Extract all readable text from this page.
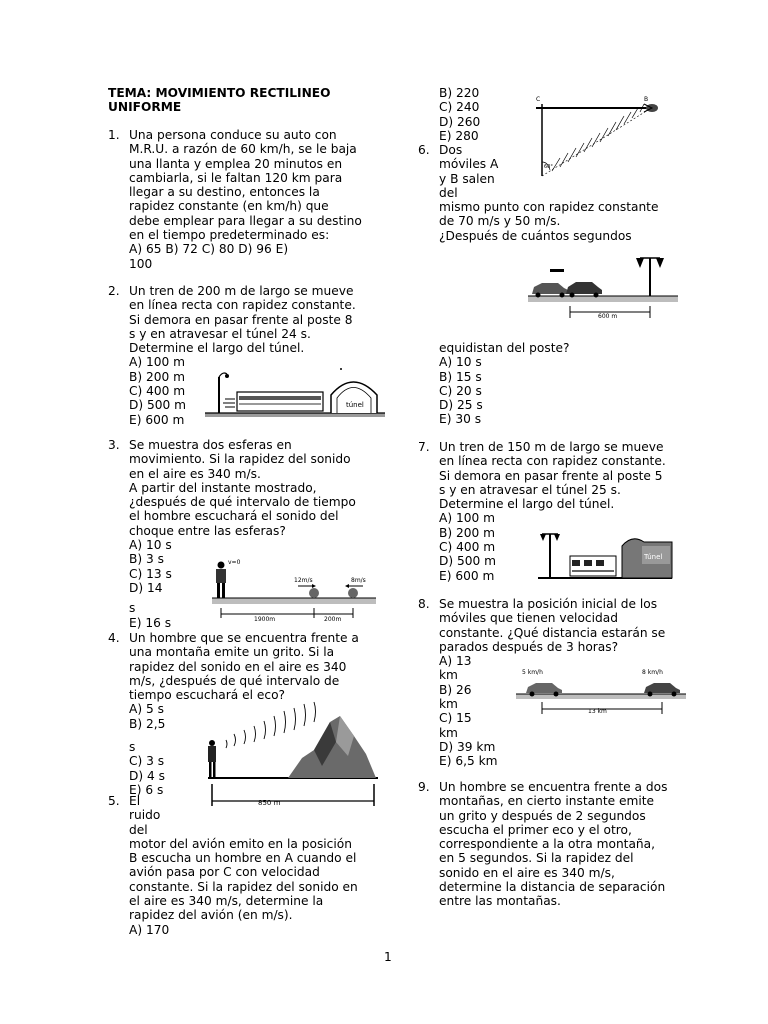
TEMA: MOVIMIENTO RECTILINEO
UNIFORME
1. Una persona conduce su auto con
M.R.U. a razón de 60 km/h, se le baja
una llanta y emplea 20 minutos en
cambiarla, si le faltan 120 km para
llegar a su destino, entonces la
rapidez constante (en km/h) que
debe emplear para llegar a su destino
en el tiempo predeterminado es:
A) 65 B) 72 C) 80 D) 96 E)
100
2. Un tren de 200 m de largo se mueve
en línea recta con rapidez constante.
Si demora en pasar frente al poste 8
s y en atravesar el túnel 24 s.
Determine el largo del túnel.
A) 100 m
B) 200 m
C) 400 m
D) 500 m
E) 600 m
túnel
3. Se muestra dos esferas en
movimiento. Si la rapidez del sonido
en el aire es 340 m/s.
A partir del instante mostrado,
¿después de qué intervalo de tiempo
el hombre escuchará el sonido del
choque entre las esferas?
A) 10 s
B) 3 s
C) 13 s
D) 14
s
E) 16 s
v=0
12m/s	8m/s
1900m	200m
4. Un hombre que se encuentra frente a
una montaña emite un grito. Si la
rapidez del sonido en el aire es 340
m/s, ¿después de qué intervalo de
tiempo escuchará el eco?
A) 5 s
B) 2,5
s
C) 3 s
D) 4 s
E) 6 s
850 m
5. El
ruido
del
motor del avión emito en la posición
B escucha un hombre en A cuando el
avión pasa por C con velocidad
constante. Si la rapidez del sonido en
el aire es 340 m/s, determine la
rapidez del avión (en m/s).
A) 170
B) 220
C) 240
D) 260
E) 280
C	B
60°
6. Dos
móviles A
y B salen
del
mismo punto con rapidez constante
de 70 m/s y 50 m/s.
¿Después de cuántos segundos
600 m
equidistan del poste?
A) 10 s
B) 15 s
C) 20 s
D) 25 s
E) 30 s
7. Un tren de 150 m de largo se mueve
en línea recta con rapidez constante.
Si demora en pasar frente al poste 5
s y en atravesar el túnel 25 s.
Determine el largo del túnel.
A) 100 m
B) 200 m
C) 400 m
D) 500 m
E) 600 m
Túnel
8. Se muestra la posición inicial de los
móviles que tienen velocidad
constante. ¿Qué distancia estarán se
parados después de 3 horas?
A) 13
km
B) 26
km
C) 15
km
D) 39 km
E) 6,5 km
5 km/h	8 km/h
13 km
9. Un hombre se encuentra frente a dos
montañas, en cierto instante emite
un grito y después de 2 segundos
escucha el primer eco y el otro,
correspondiente a la otra montaña,
en 5 segundos. Si la rapidez del
sonido en el aire es 340 m/s,
determine la distancia de separación
entre las montañas.
1
